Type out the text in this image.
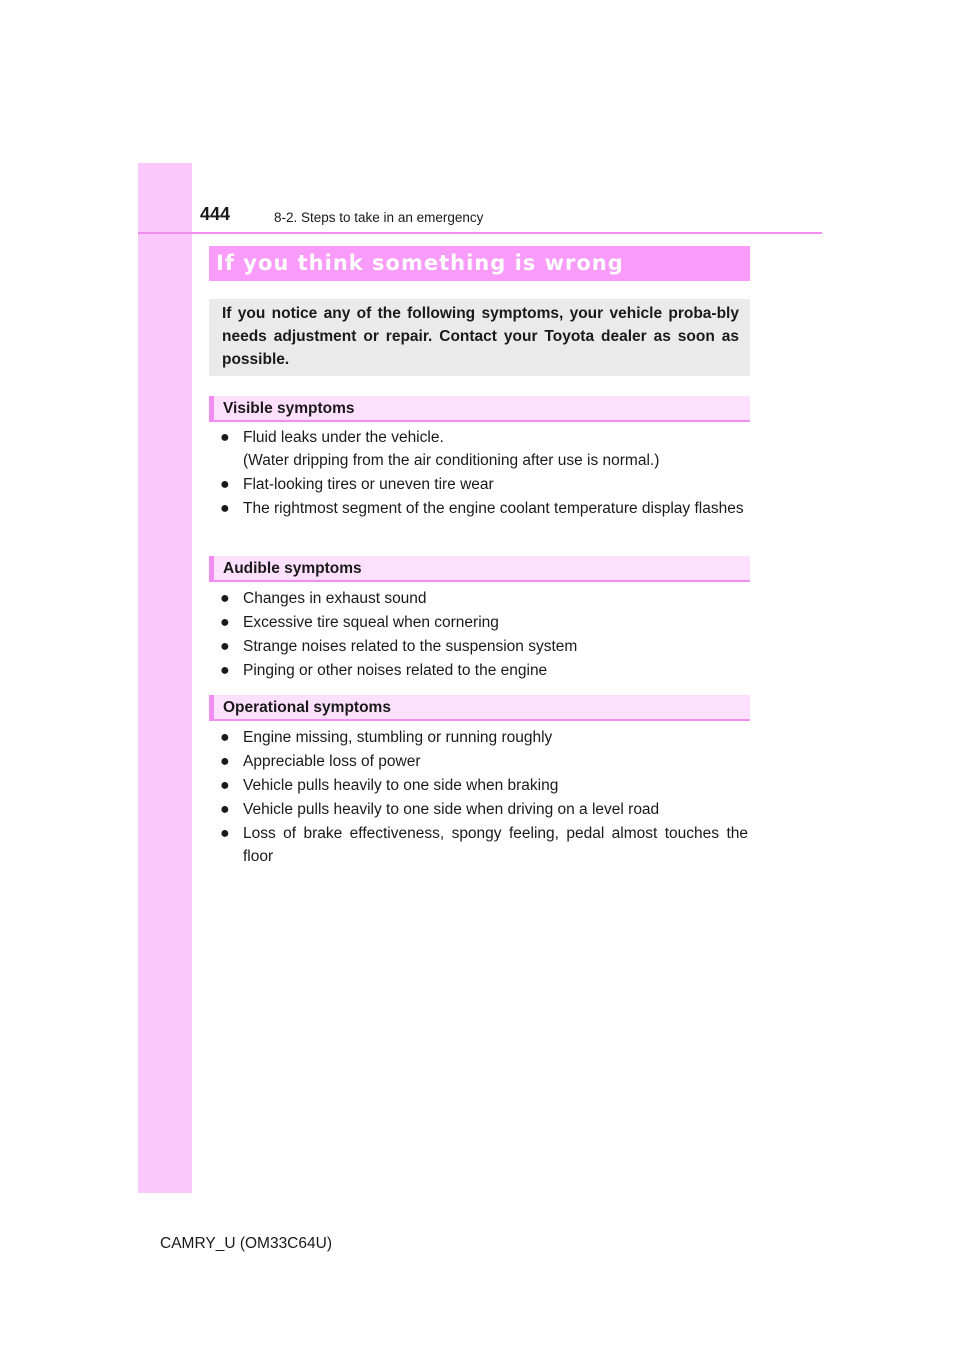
444	8-2. Steps to take in an emergency
If you think something is wrong

If you notice any of the following symptoms, your vehicle proba-bly needs adjustment or repair. Contact your Toyota dealer as soon as possible.

Visible symptoms
● Fluid leaks under the vehicle.
(Water dripping from the air conditioning after use is normal.)
● Flat-looking tires or uneven tire wear
● The rightmost segment of the engine coolant temperature display flashes
Audible symptoms
● Changes in exhaust sound
● Excessive tire squeal when cornering
● Strange noises related to the suspension system
● Pinging or other noises related to the engine
Operational symptoms
● Engine missing, stumbling or running roughly
● Appreciable loss of power
● Vehicle pulls heavily to one side when braking
● Vehicle pulls heavily to one side when driving on a level road
● Loss of brake effectiveness, spongy feeling, pedal almost touches the floor
CAMRY_U (OM33C64U)
